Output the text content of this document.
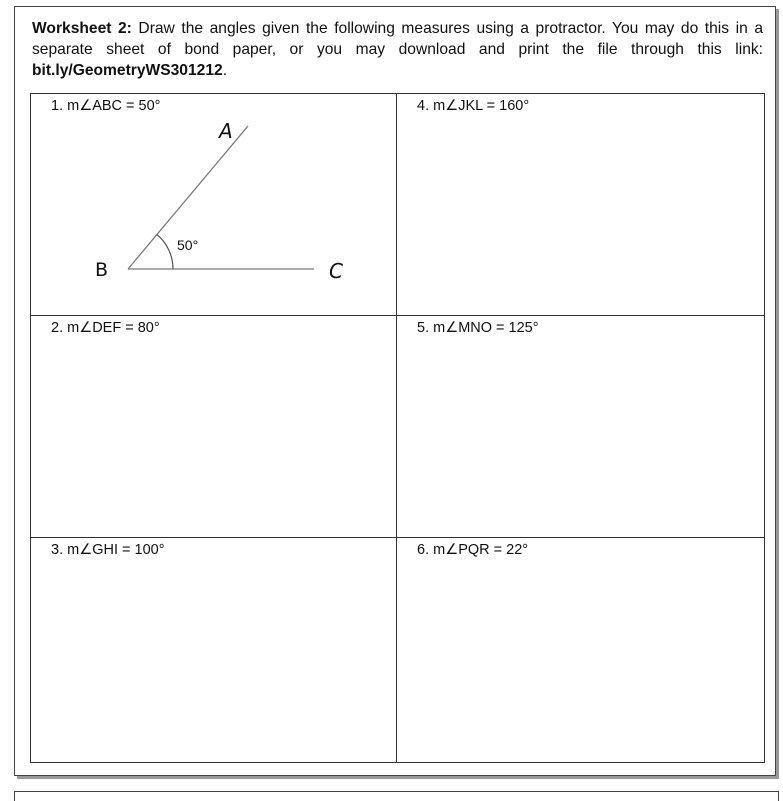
Worksheet 2: Draw the angles given the following measures using a protractor. You may do this in a separate sheet of bond paper, or you may download and print the file through this link: bit.ly/GeometryWS301212.
1. m∠ABC = 50°
50°
B
A
C
4. m∠JKL = 160°
2. m∠DEF = 80°	5. m∠MNO = 125°
3. m∠GHI = 100°	6. m∠PQR = 22°
